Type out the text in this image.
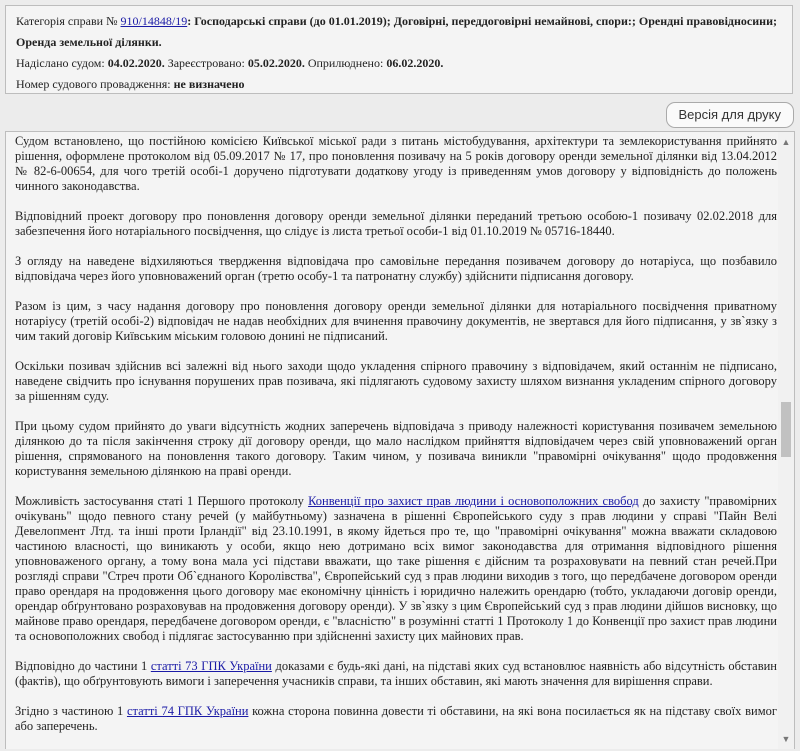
Категорія справи № 910/14848/19: Господарські справи (до 01.01.2019); Договірні, переддоговірні немайнові, спори:; Орендні правовідносини;
Оренда земельної ділянки.
Надіслано судом: 04.02.2020. Зареєстровано: 05.02.2020. Оприлюднено: 06.02.2020.
Номер судового провадження: не визначено
Версія для друку

Судом встановлено, що постійною комісією Київської міської ради з питань містобудування, архітектури та землекористування прийнято рішення, оформлене протоколом від 05.09.2017 № 17, про поновлення позивачу на 5 років договору оренди земельної ділянки від 13.04.2012 № 82-6-00654, для чого третій особі-1 доручено підготувати додаткову угоду із приведенням умов договору у відповідність до положень чинного законодавства.

Відповідний проект договору про поновлення договору оренди земельної ділянки переданий третьою особою-1 позивачу 02.02.2018 для забезпечення його нотаріального посвідчення, що слідує із листа третьої особи-1 від 01.10.2019 № 05716-18440.

З огляду на наведене відхиляються твердження відповідача про самовільне передання позивачем договору до нотаріуса, що позбавило відповідача через його уповноважений орган (третю особу-1 та патронатну службу) здійснити підписання договору.

Разом із цим, з часу надання договору про поновлення договору оренди земельної ділянки для нотаріального посвідчення приватному нотаріусу (третій особі-2) відповідач не надав необхідних для вчинення правочину документів, не звертався для його підписання, у зв`язку з чим такий договір Київським міським головою донині не підписаний.

Оскільки позивач здійснив всі залежні від нього заходи щодо укладення спірного правочину з відповідачем, який останнім не підписано, наведене свідчить про існування порушених прав позивача, які підлягають судовому захисту шляхом визнання укладеним спірного договору за рішенням суду.

При цьому судом прийнято до уваги відсутність жодних заперечень відповідача з приводу належності користування позивачем земельною ділянкою до та після закінчення строку дії договору оренди, що мало наслідком прийняття відповідачем через свій уповноважений орган рішення, спрямованого на поновлення такого договору. Таким чином, у позивача виникли "правомірні очікування" щодо продовження користування земельною ділянкою на праві оренди.

Можливість застосування статі 1 Першого протоколу Конвенції про захист прав людини і основоположних свобод до захисту "правомірних очікувань" щодо певного стану речей (у майбутньому) зазначена в рішенні Європейського суду з прав людини у справі "Пайн Велі Девелопмент Лтд. та інші проти Ірландії" від 23.10.1991, в якому йдеться про те, що "правомірні очікування" можна вважати складовою частиною власності, що виникають у особи, якщо нею дотримано всіх вимог законодавства для отримання відповідного рішення уповноваженого органу, а тому вона мала усі підстави вважати, що таке рішення є дійсним та розраховувати на певний стан речей.При розгляді справи "Стреч проти Об`єднаного Королівства", Європейський суд з прав людини виходив з того, що передбачене договором оренди право орендаря на продовження цього договору має економічну цінність і юридично належить орендарю (тобто, укладаючи договір оренди, орендар обґрунтовано розраховував на продовження договору оренди). У зв`язку з цим Європейський суд з прав людини дійшов висновку, що майнове право орендаря, передбачене договором оренди, є "власністю" в розумінні статті 1 Протоколу 1 до Конвенції про захист прав людини та основоположних свобод і підлягає застосуванню при здійсненні захисту цих майнових прав.

Відповідно до частини 1 статті 73 ГПК України доказами є будь-які дані, на підставі яких суд встановлює наявність або відсутність обставин (фактів), що обґрунтовують вимоги і заперечення учасників справи, та інших обставин, які мають значення для вирішення справи.

Згідно з частиною 1 статті 74 ГПК України кожна сторона повинна довести ті обставини, на які вона посилається як на підставу своїх вимог або заперечень.

▲
▼
